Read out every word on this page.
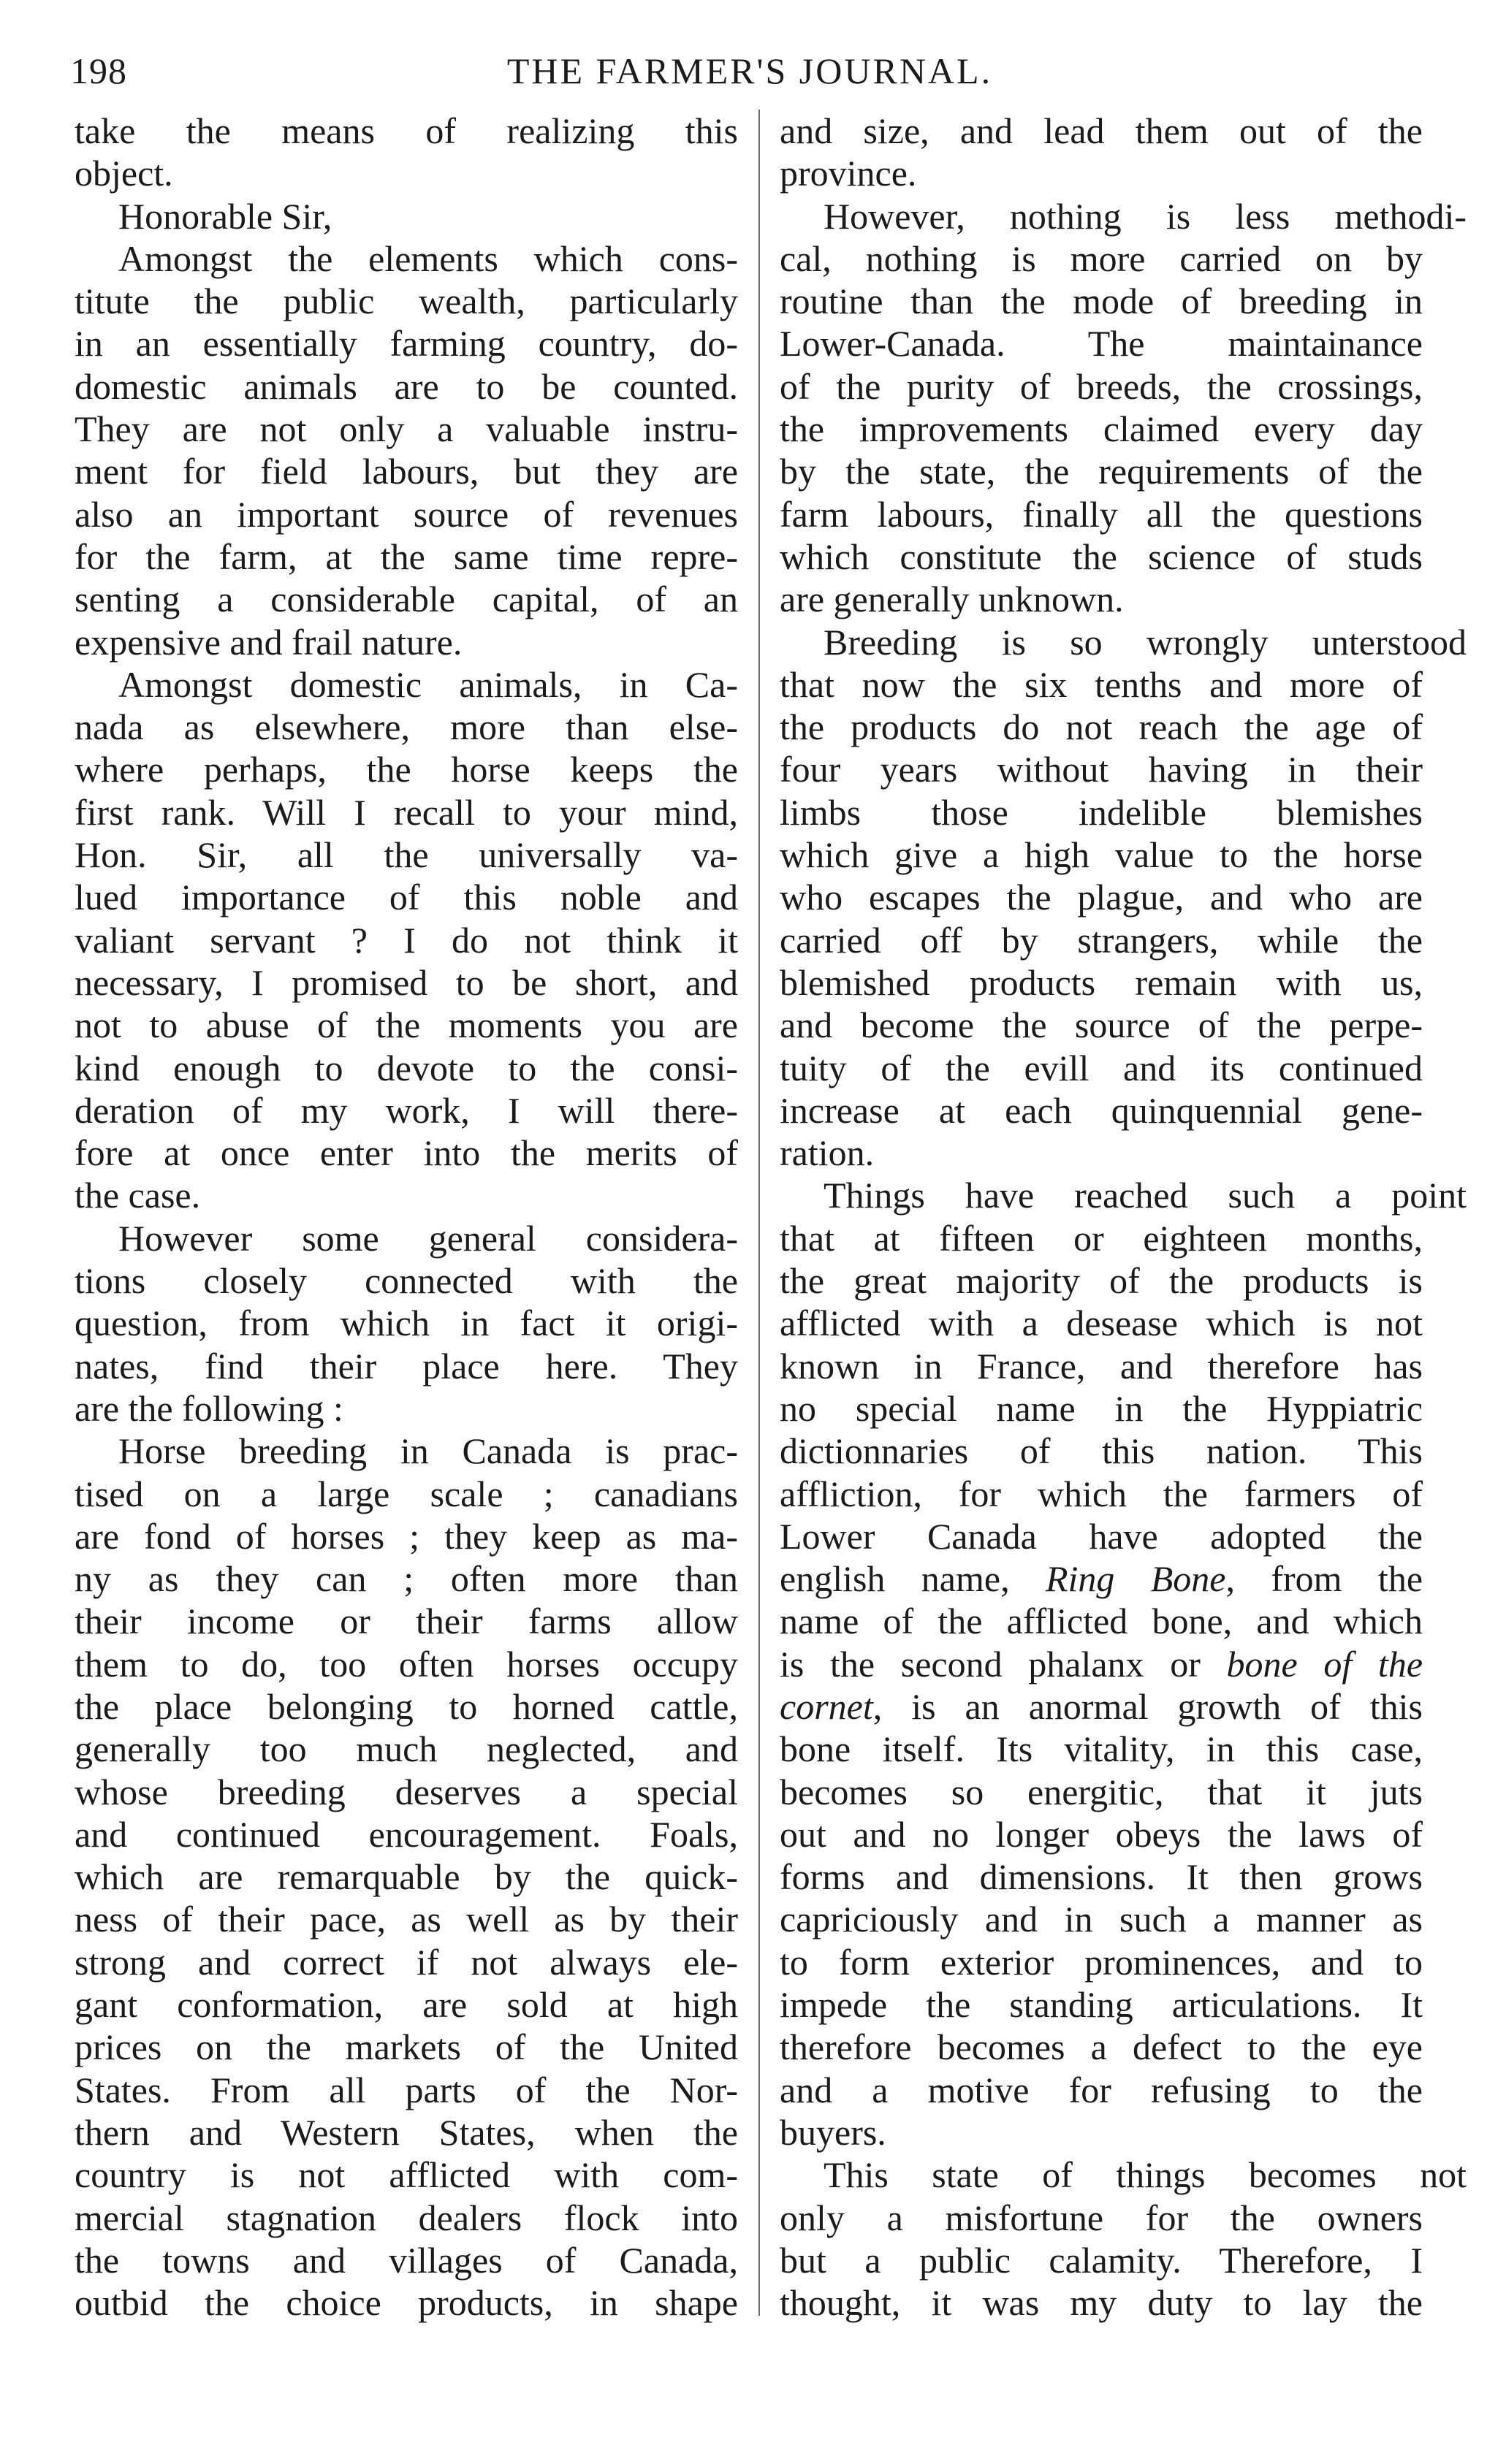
198	THE FARMER'S JOURNAL.
take the means of realizing this
object.
Honorable Sir,
Amongst the elements which cons-
titute the public wealth, particularly
in an essentially farming country, do-
domestic animals are to be counted.
They are not only a valuable instru-
ment for field labours, but they are
also an important source of revenues
for the farm, at the same time repre-
senting a considerable capital, of an
expensive and frail nature.
Amongst domestic animals, in Ca-
nada as elsewhere, more than else-
where perhaps, the horse keeps the
first rank. Will I recall to your mind,
Hon. Sir, all the universally va-
lued importance of this noble and
valiant servant ? I do not think it
necessary, I promised to be short, and
not to abuse of the moments you are
kind enough to devote to the consi-
deration of my work, I will there-
fore at once enter into the merits of
the case.
However some general considera-
tions closely connected with the
question, from which in fact it origi-
nates, find their place here. They
are the following :
Horse breeding in Canada is prac-
tised on a large scale ; canadians
are fond of horses ; they keep as ma-
ny as they can ; often more than
their income or their farms allow
them to do, too often horses occupy
the place belonging to horned cattle,
generally too much neglected, and
whose breeding deserves a special
and continued encouragement. Foals,
which are remarquable by the quick-
ness of their pace, as well as by their
strong and correct if not always ele-
gant conformation, are sold at high
prices on the markets of the United
States. From all parts of the Nor-
thern and Western States, when the
country is not afflicted with com-
mercial stagnation dealers flock into
the towns and villages of Canada,
outbid the choice products, in shape
and size, and lead them out of the
province.
However, nothing is less methodi-
cal, nothing is more carried on by
routine than the mode of breeding in
Lower-Canada. The maintainance
of the purity of breeds, the crossings,
the improvements claimed every day
by the state, the requirements of the
farm labours, finally all the questions
which constitute the science of studs
are generally unknown.
Breeding is so wrongly unterstood
that now the six tenths and more of
the products do not reach the age of
four years without having in their
limbs those indelible blemishes
which give a high value to the horse
who escapes the plague, and who are
carried off by strangers, while the
blemished products remain with us,
and become the source of the perpe-
tuity of the evill and its continued
increase at each quinquennial gene-
ration.
Things have reached such a point
that at fifteen or eighteen months,
the great majority of the products is
afflicted with a desease which is not
known in France, and therefore has
no special name in the Hyppiatric
dictionnaries of this nation. This
affliction, for which the farmers of
Lower Canada have adopted the
english name, Ring Bone, from the
name of the afflicted bone, and which
is the second phalanx or bone of the
cornet, is an anormal growth of this
bone itself. Its vitality, in this case,
becomes so energitic, that it juts
out and no longer obeys the laws of
forms and dimensions. It then grows
capriciously and in such a manner as
to form exterior prominences, and to
impede the standing articulations. It
therefore becomes a defect to the eye
and a motive for refusing to the
buyers.
This state of things becomes not
only a misfortune for the owners
but a public calamity. Therefore, I
thought, it was my duty to lay the
